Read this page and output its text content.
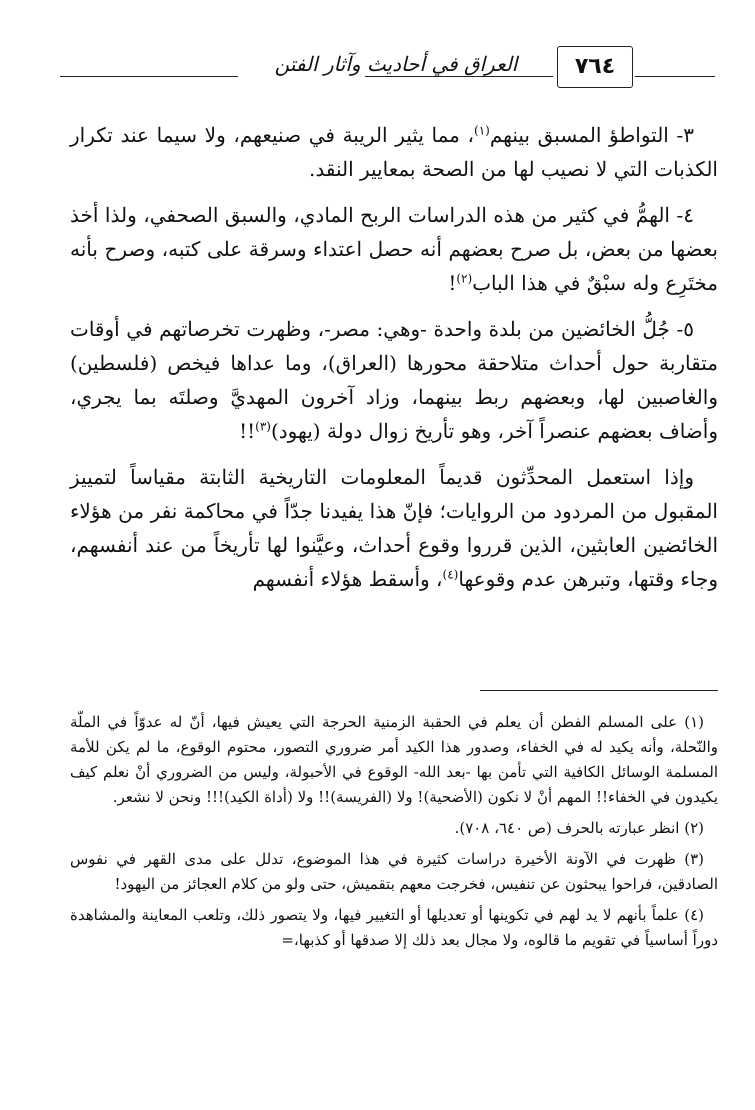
العراق في أحاديث وآثار الفتن	٧٦٤

٣- التواطؤ المسبق بينهم$^{(١)}$، مما يثير الريبة في صنيعهم، ولا سيما عند تكرار الكذبات التي لا نصيب لها من الصحة بمعايير النقد.

٤- الهمُّ في كثير من هذه الدراسات الربح المادي، والسبق الصحفي، ولذا أخذ بعضها من بعض، بل صرح بعضهم أنه حصل اعتداء وسرقة على كتبه، وصرح بأنه مختَرِع وله سبْقٌ في هذا الباب$^{(٢)}$!

٥- جُلُّ الخائضين من بلدة واحدة -وهي: مصر-، وظهرت تخرصاتهم في أوقات متقاربة حول أحداث متلاحقة محورها (العراق)، وما عداها فيخص (فلسطين) والغاصبين لها، وبعضهم ربط بينهما، وزاد آخرون المهديَّ وصلتَه بما يجري، وأضاف بعضهم عنصراً آخر، وهو تأريخ زوال دولة (يهود)$^{(٣)}$!!

وإذا استعمل المحدِّثون قديماً المعلومات التاريخية الثابتة مقياساً لتمييز المقبول من المردود من الروايات؛ فإنّ هذا يفيدنا جدّاً في محاكمة نفر من هؤلاء الخائضين العابثين، الذين قرروا وقوع أحداث، وعيَّنوا لها تأريخاً من عند أنفسهم، وجاء وقتها، وتبرهن عدم وقوعها$^{(٤)}$، وأسقط هؤلاء أنفسهم

(١) على المسلم الفطن أن يعلم في الحقبة الزمنية الحرجة التي يعيش فيها، أنّ له عدوّاً في الملّة والنّحلة، وأنه يكيد له في الخفاء، وصدور هذا الكيد أمر ضروري التصور، محتوم الوقوع، ما لم يكن للأمة المسلمة الوسائل الكافية التي تأمن بها -بعد الله- الوقوع في الأحبولة، وليس من الضروري أنْ نعلم كيف يكيدون في الخفاء!! المهم أنْ لا نكون (الأضحية)! ولا (الفريسة)!! ولا (أداة الكيد)!!! ونحن لا نشعر.

(٢) انظر عبارته بالحرف (ص ٦٤٠، ٧٠٨).

(٣) ظهرت في الآونة الأخيرة دراسات كثيرة في هذا الموضوع، تدلل على مدى القهر في نفوس الصادقين، فراحوا يبحثون عن تنفيس، فخرجت معهم بتقميش، حتى ولو من كلام العجائز من اليهود!

(٤) علماً بأنهم لا يد لهم في تكوينها أو تعديلها أو التغيير فيها، ولا يتصور ذلك، وتلعب المعاينة والمشاهدة دوراً أساسياً في تقويم ما قالوه، ولا مجال بعد ذلك إلا صدقها أو كذبها،=
